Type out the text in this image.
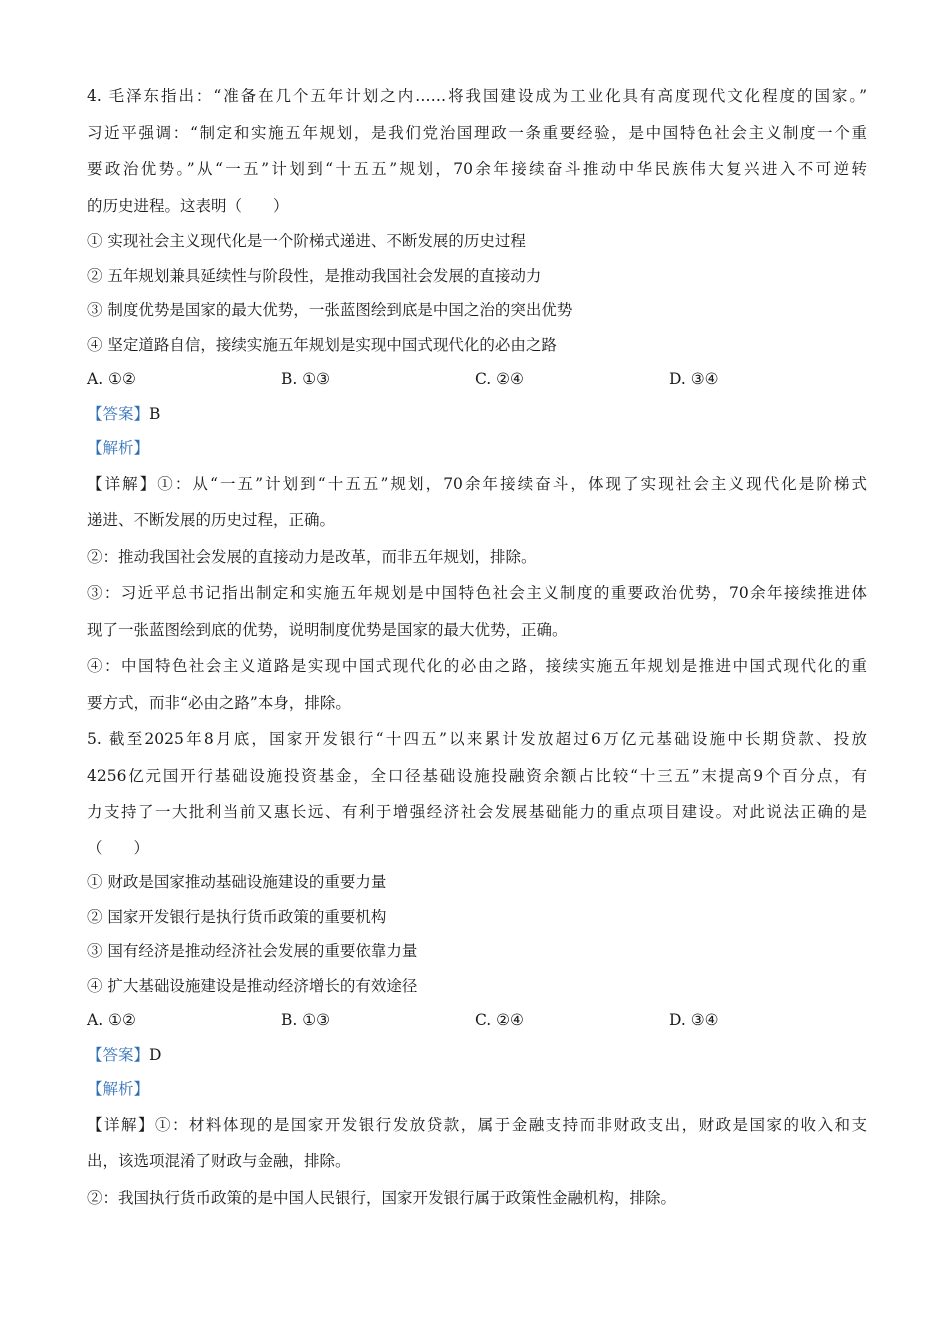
4. 毛泽东指出：“准备在几个五年计划之内……将我国建设成为工业化具有高度现代文化程度的国家。”
习近平强调：“制定和实施五年规划，是我们党治国理政一条重要经验，是中国特色社会主义制度一个重
要政治优势。”从“一五”计划到“十五五”规划，70余年接续奋斗推动中华民族伟大复兴进入不可逆转
的历史进程。这表明（　　）
① 实现社会主义现代化是一个阶梯式递进、不断发展的历史过程
② 五年规划兼具延续性与阶段性，是推动我国社会发展的直接动力
③ 制度优势是国家的最大优势，一张蓝图绘到底是中国之治的突出优势
④ 坚定道路自信，接续实施五年规划是实现中国式现代化的必由之路
A. ①②	B. ①③	C. ②④	D. ③④
【答案】B
【解析】
【详解】①：从“一五”计划到“十五五”规划，70余年接续奋斗，体现了实现社会主义现代化是阶梯式
递进、不断发展的历史过程，正确。
②：推动我国社会发展的直接动力是改革，而非五年规划，排除。
③：习近平总书记指出制定和实施五年规划是中国特色社会主义制度的重要政治优势，70余年接续推进体
现了一张蓝图绘到底的优势，说明制度优势是国家的最大优势，正确。
④：中国特色社会主义道路是实现中国式现代化的必由之路，接续实施五年规划是推进中国式现代化的重
要方式，而非“必由之路”本身，排除。
5. 截至2025年8月底，国家开发银行“十四五”以来累计发放超过6万亿元基础设施中长期贷款、投放
4256亿元国开行基础设施投资基金，全口径基础设施投融资余额占比较“十三五”末提高9个百分点，有
力支持了一大批利当前又惠长远、有利于增强经济社会发展基础能力的重点项目建设。对此说法正确的是
（　　）
① 财政是国家推动基础设施建设的重要力量
② 国家开发银行是执行货币政策的重要机构
③ 国有经济是推动经济社会发展的重要依靠力量
④ 扩大基础设施建设是推动经济增长的有效途径
A. ①②	B. ①③	C. ②④	D. ③④
【答案】D
【解析】
【详解】①：材料体现的是国家开发银行发放贷款，属于金融支持而非财政支出，财政是国家的收入和支
出，该选项混淆了财政与金融，排除。
②：我国执行货币政策的是中国人民银行，国家开发银行属于政策性金融机构，排除。
